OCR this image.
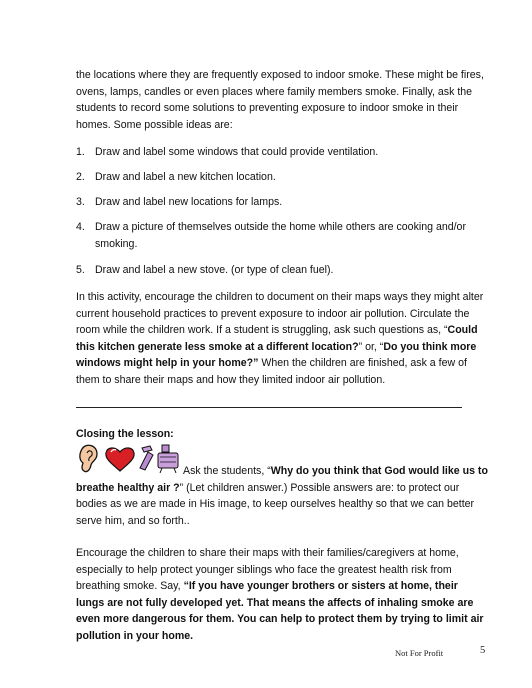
the locations where they are frequently exposed to indoor smoke. These might be fires,
ovens, lamps, candles or even places where family members smoke. Finally, ask the
students to record some solutions to preventing exposure to indoor smoke in their
homes. Some possible ideas are:

1. Draw and label some windows that could provide ventilation.
2. Draw and label a new kitchen location.
3. Draw and label new locations for lamps.
4. Draw a picture of themselves outside the home while others are cooking and/or
smoking.
5. Draw and label a new stove. (or type of clean fuel).

In this activity, encourage the children to document on their maps ways they might alter
current household practices to prevent exposure to indoor air pollution. Circulate the
room while the children work. If a student is struggling, ask such questions as, “Could
this kitchen generate less smoke at a different location?” or, “Do you think more
windows might help in your home?” When the children are finished, ask a few of
them to share their maps and how they limited indoor air pollution.

Closing the lesson:

Ask the students, “Why do you think that God would like us to
breathe healthy air ?” (Let children answer.) Possible answers are: to protect our
bodies as we are made in His image, to keep ourselves healthy so that we can better
serve him, and so forth..

Encourage the children to share their maps with their families/caregivers at home,
especially to help protect younger siblings who face the greatest health risk from
breathing smoke. Say, “If you have younger brothers or sisters at home, their
lungs are not fully developed yet. That means the affects of inhaling smoke are
even more dangerous for them. You can help to protect them by trying to limit air
pollution in your home.

Not For Profit	5
